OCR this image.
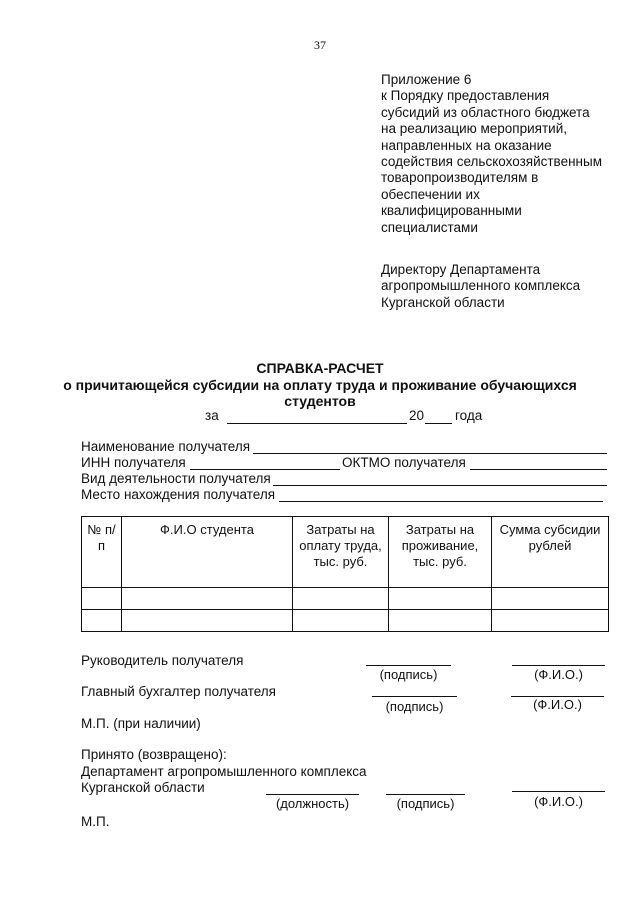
37
Приложение 6
к Порядку предоставления
субсидий из областного бюджета
на реализацию мероприятий,
направленных на оказание
содействия сельскохозяйственным
товаропроизводителям в
обеспечении их
квалифицированными
специалистами
Директору Департамента
агропромышленного комплекса
Курганской области
СПРАВКА-РАСЧЕТ
о причитающейся субсидии на оплату труда и проживание обучающихся
студентов
за	20 года
Наименование получателя
ИНН получателя	ОКТМО получателя
Вид деятельности получателя
Место нахождения получателя
№ п/п	Ф.И.О студента	Затраты на оплату труда, тыс. руб.	Затраты на проживание, тыс. руб.	Сумма субсидии рублей

Руководитель получателя
(подпись)	(Ф.И.О.)
Главный бухгалтер получателя
(подпись)	(Ф.И.О.)
М.П. (при наличии)
Принято (возвращено):
Департамент агропромышленного комплекса
Курганской области
(должность)	(подпись)	(Ф.И.О.)
М.П.
